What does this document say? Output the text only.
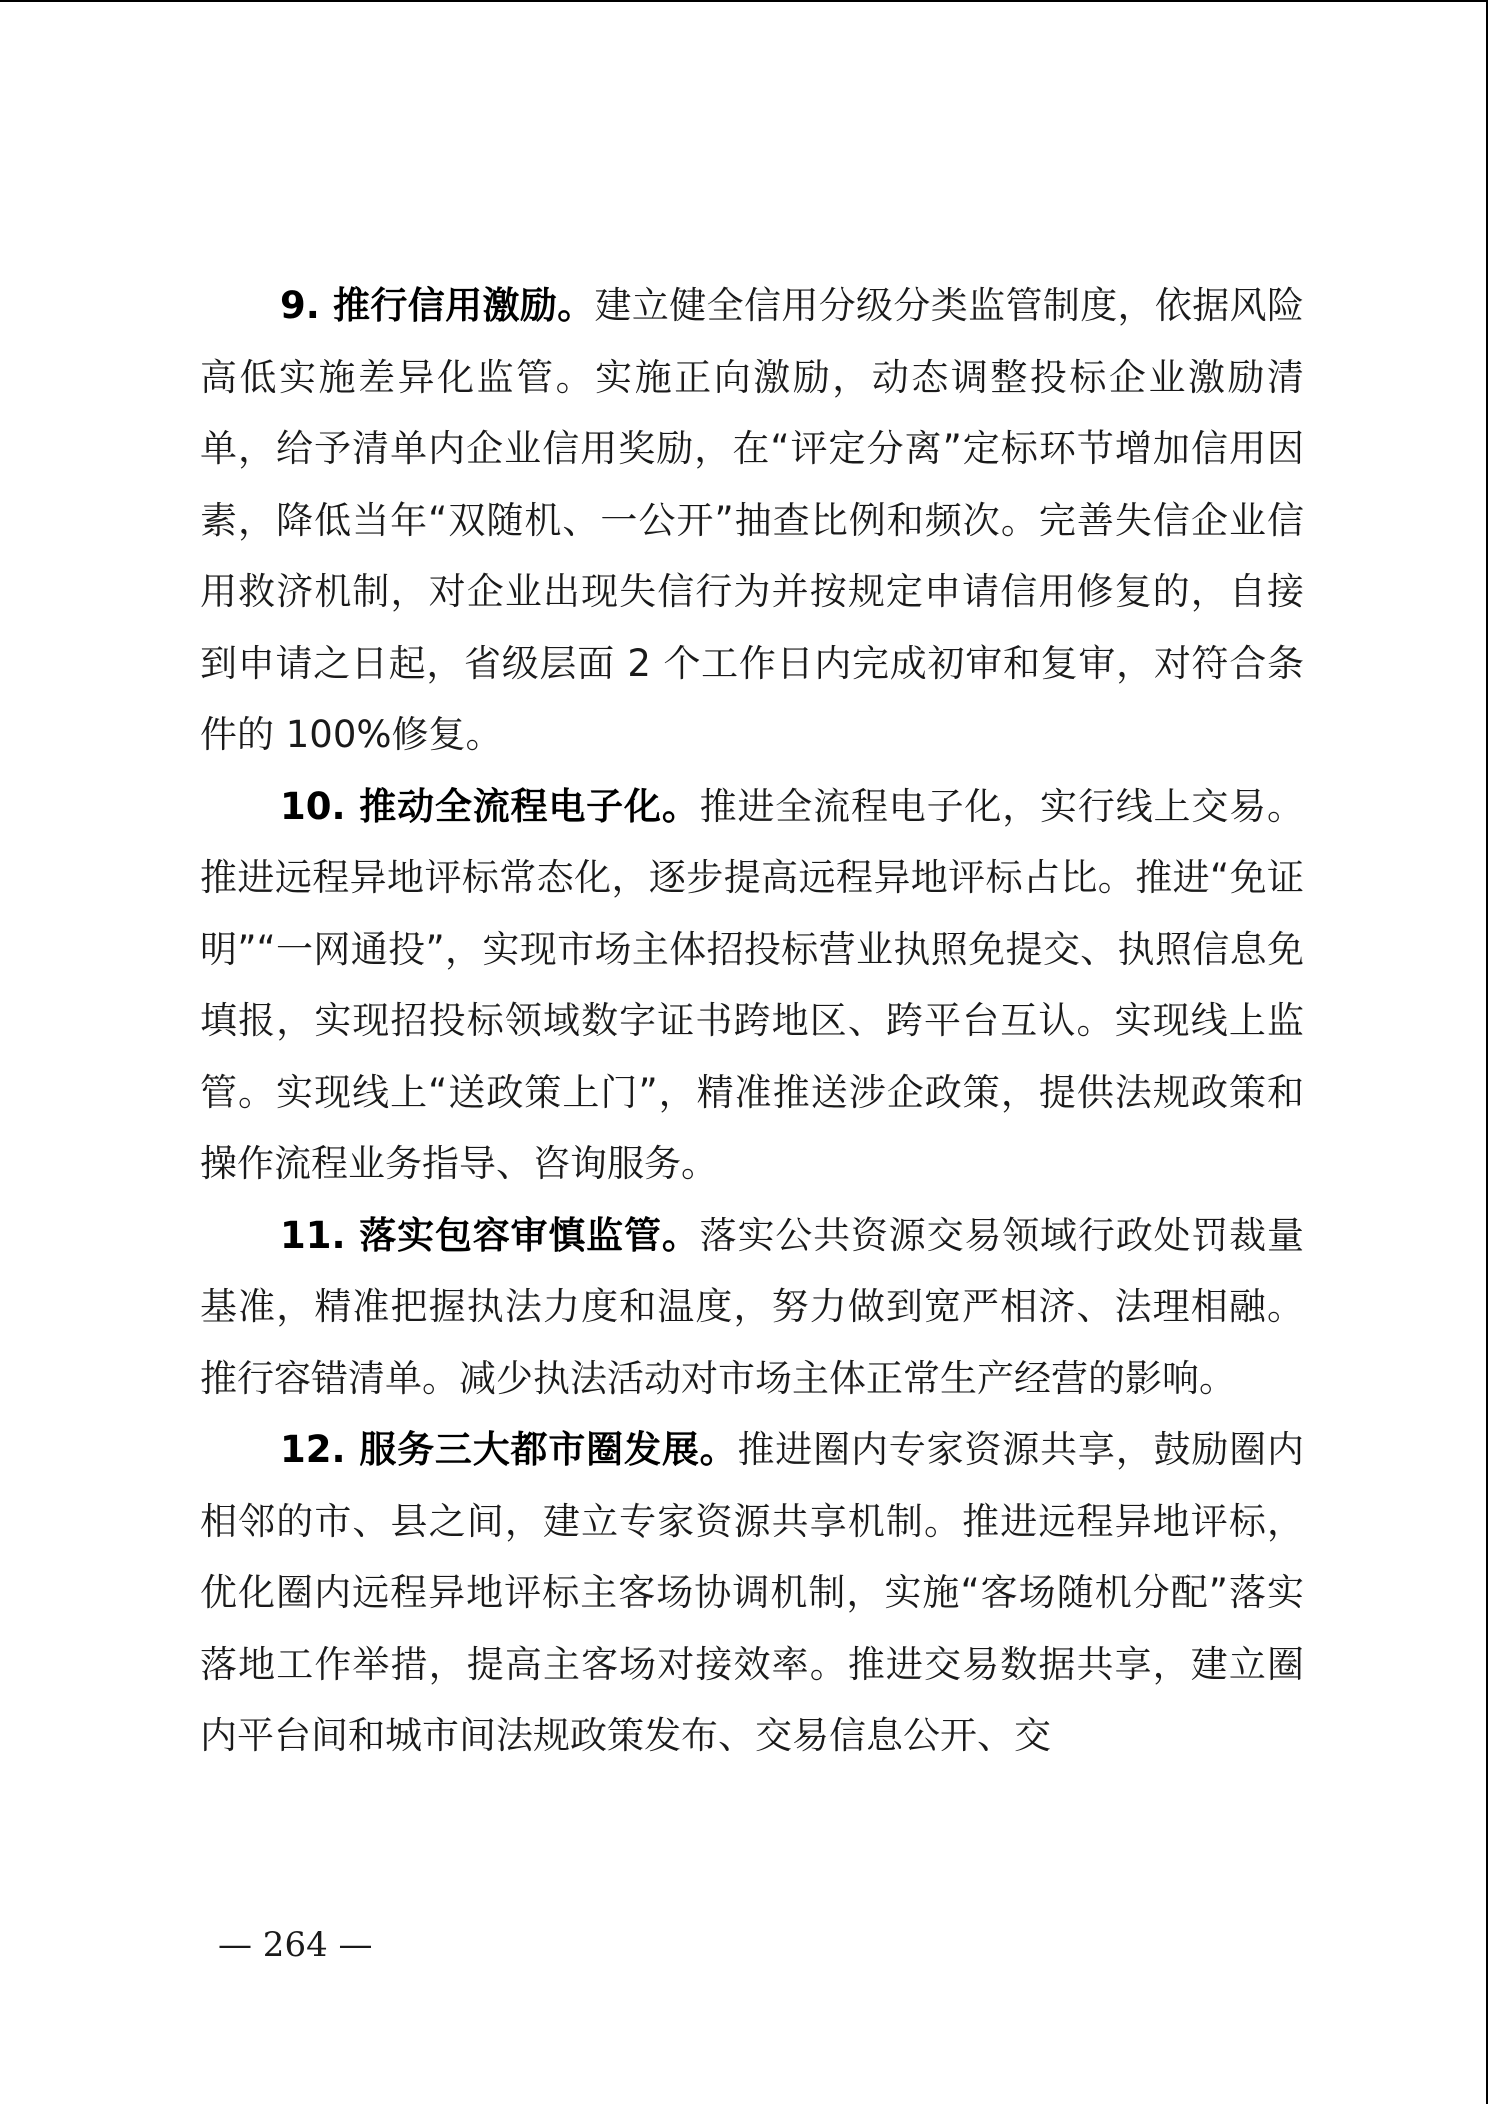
9. 推行信用激励。建立健全信用分级分类监管制度，依据风险高低实施差异化监管。实施正向激励，动态调整投标企业激励清单，给予清单内企业信用奖励，在“评定分离”定标环节增加信用因素，降低当年“双随机、一公开”抽查比例和频次。完善失信企业信用救济机制，对企业出现失信行为并按规定申请信用修复的，自接到申请之日起，省级层面 2 个工作日内完成初审和复审，对符合条件的 100%修复。

10. 推动全流程电子化。推进全流程电子化，实行线上交易。推进远程异地评标常态化，逐步提高远程异地评标占比。推进“免证明”“一网通投”，实现市场主体招投标营业执照免提交、执照信息免填报，实现招投标领域数字证书跨地区、跨平台互认。实现线上监管。实现线上“送政策上门”，精准推送涉企政策，提供法规政策和操作流程业务指导、咨询服务。

11. 落实包容审慎监管。落实公共资源交易领域行政处罚裁量基准，精准把握执法力度和温度，努力做到宽严相济、法理相融。推行容错清单。减少执法活动对市场主体正常生产经营的影响。

12. 服务三大都市圈发展。推进圈内专家资源共享，鼓励圈内相邻的市、县之间，建立专家资源共享机制。推进远程异地评标，优化圈内远程异地评标主客场协调机制，实施“客场随机分配”落实落地工作举措，提高主客场对接效率。推进交易数据共享，建立圈内平台间和城市间法规政策发布、交易信息公开、交

— 264 —
